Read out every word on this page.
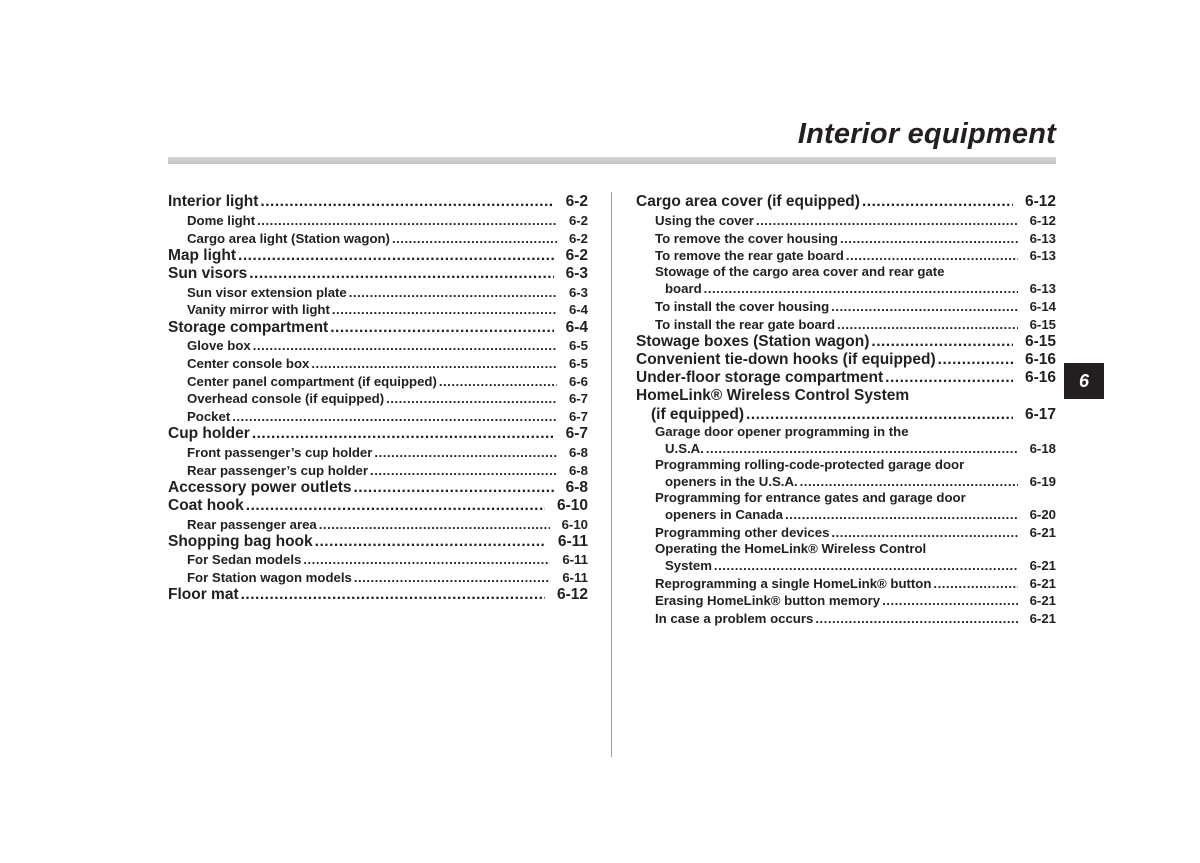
Interior equipment
Interior light .....	6-2
Dome light .....	6-2
Cargo area light (Station wagon) .....	6-2
Map light .....	6-2
Sun visors .....	6-3
Sun visor extension plate .....	6-3
Vanity mirror with light .....	6-4
Storage compartment .....	6-4
Glove box .....	6-5
Center console box .....	6-5
Center panel compartment (if equipped) .....	6-6
Overhead console (if equipped) .....	6-7
Pocket .....	6-7
Cup holder .....	6-7
Front passenger’s cup holder .....	6-8
Rear passenger’s cup holder .....	6-8
Accessory power outlets .....	6-8
Coat hook .....	6-10
Rear passenger area .....	6-10
Shopping bag hook .....	6-11
For Sedan models .....	6-11
For Station wagon models .....	6-11
Floor mat .....	6-12
Cargo area cover (if equipped) .....	6-12
Using the cover .....	6-12
To remove the cover housing .....	6-13
To remove the rear gate board .....	6-13
Stowage of the cargo area cover and rear gate
board .....	6-13
To install the cover housing .....	6-14
To install the rear gate board .....	6-15
Stowage boxes (Station wagon) .....	6-15
Convenient tie-down hooks (if equipped) .....	6-16
Under-floor storage compartment .....	6-16
HomeLink® Wireless Control System
(if equipped) .....	6-17
Garage door opener programming in the
U.S.A. .....	6-18
Programming rolling-code-protected garage door
openers in the U.S.A. .....	6-19
Programming for entrance gates and garage door
openers in Canada .....	6-20
Programming other devices .....	6-21
Operating the HomeLink® Wireless Control
System .....	6-21
Reprogramming a single HomeLink® button .....	6-21
Erasing HomeLink® button memory .....	6-21
In case a problem occurs .....	6-21
6
